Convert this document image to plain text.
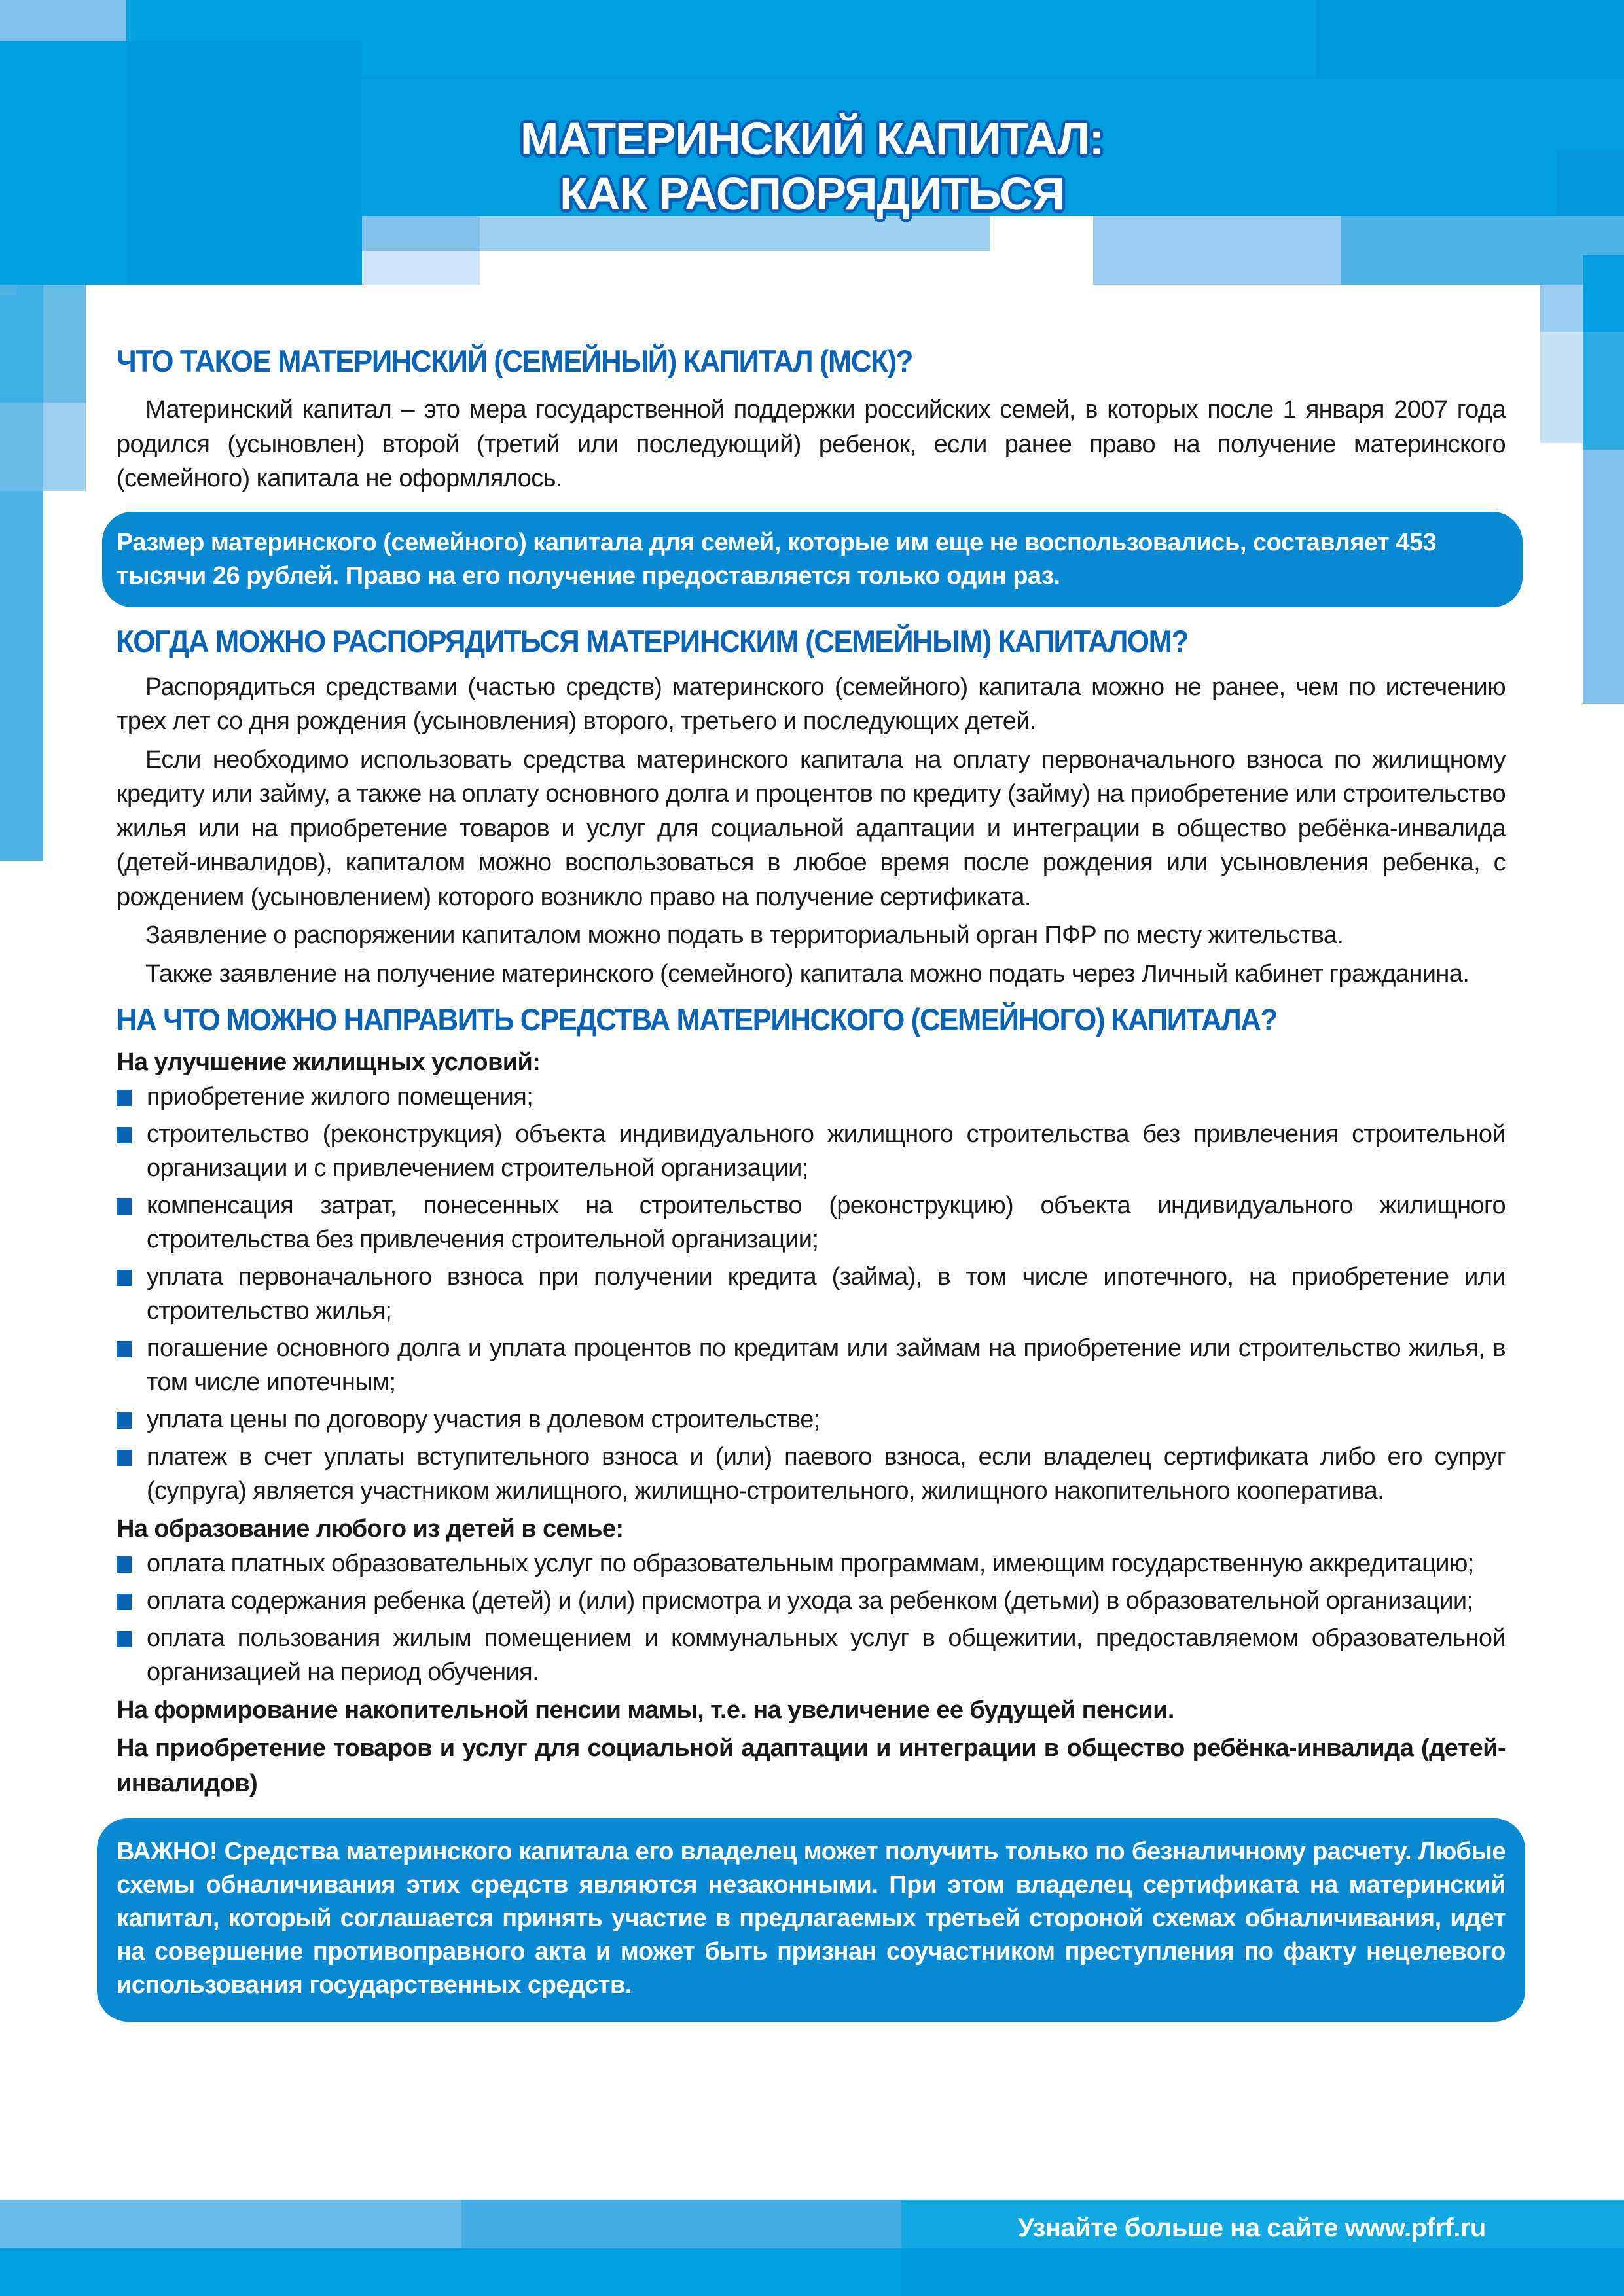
МАТЕРИНСКИЙ КАПИТАЛ:
КАК РАСПОРЯДИТЬСЯ
ЧТО ТАКОЕ МАТЕРИНСКИЙ (СЕМЕЙНЫЙ) КАПИТАЛ (МСК)?

Материнский капитал – это мера государственной поддержки российских семей, в которых после 1 января 2007 года родился (усыновлен) второй (третий или последующий) ребенок, если ранее право на получение материнского (семейного) капитала не оформлялось.

Размер материнского (семейного) капитала для семей, которые им еще не воспользовались, составляет 453 тысячи 26 рублей. Право на его получение предоставляется только один раз.
КОГДА МОЖНО РАСПОРЯДИТЬСЯ МАТЕРИНСКИМ (СЕМЕЙНЫМ) КАПИТАЛОМ?

Распорядиться средствами (частью средств) материнского (семейного) капитала можно не ранее, чем по истечению трех лет со дня рождения (усыновления) второго, третьего и последующих детей.

Если необходимо использовать средства материнского капитала на оплату первоначального взноса по жилищному кредиту или займу, а также на оплату основного долга и процентов по кредиту (займу) на приобретение или строительство жилья или на приобретение товаров и услуг для социальной адаптации и интеграции в общество ребёнка-инвалида (детей-инвалидов), капиталом можно воспользоваться в любое время после рождения или усыновления ребенка, с рождением (усыновлением) которого возникло право на получение сертификата.

Заявление о распоряжении капиталом можно подать в территориальный орган ПФР по месту жительства.

Также заявление на получение материнского (семейного) капитала можно подать через Личный кабинет гражданина.

НА ЧТО МОЖНО НАПРАВИТЬ СРЕДСТВА МАТЕРИНСКОГО (СЕМЕЙНОГО) КАПИТАЛА?
На улучшение жилищных условий:
приобретение жилого помещения;
строительство (реконструкция) объекта индивидуального жилищного строительства без привлечения строительной организации и с привлечением строительной организации;
компенсация затрат, понесенных на строительство (реконструкцию) объекта индивидуального жилищного строительства без привлечения строительной организации;
уплата первоначального взноса при получении кредита (займа), в том числе ипотечного, на приобретение или строительство жилья;
погашение основного долга и уплата процентов по кредитам или займам на приобретение или строительство жилья, в том числе ипотечным;
уплата цены по договору участия в долевом строительстве;
платеж в счет уплаты вступительного взноса и (или) паевого взноса, если владелец сертификата либо его супруг (супруга) является участником жилищного, жилищно-строительного, жилищного накопительного кооператива.
На образование любого из детей в семье:
оплата платных образовательных услуг по образовательным программам, имеющим государственную аккредитацию;
оплата содержания ребенка (детей) и (или) присмотра и ухода за ребенком (детьми) в образовательной организации;
оплата пользования жилым помещением и коммунальных услуг в общежитии, предоставляемом образовательной организацией на период обучения.
На формирование накопительной пенсии мамы, т.е. на увеличение ее будущей пенсии.
На приобретение товаров и услуг для социальной адаптации и интеграции в общество ребёнка-инвалида (детей-инвалидов)
ВАЖНО! Средства материнского капитала его владелец может получить только по безналичному расчету. Любые схемы обналичивания этих средств являются незаконными. При этом владелец сертификата на материнский капитал, который соглашается принять участие в предлагаемых третьей стороной схемах обналичивания, идет на совершение противоправного акта и может быть признан соучастником преступления по факту нецелевого использования государственных средств.
Узнайте больше на сайте www.pfrf.ru
